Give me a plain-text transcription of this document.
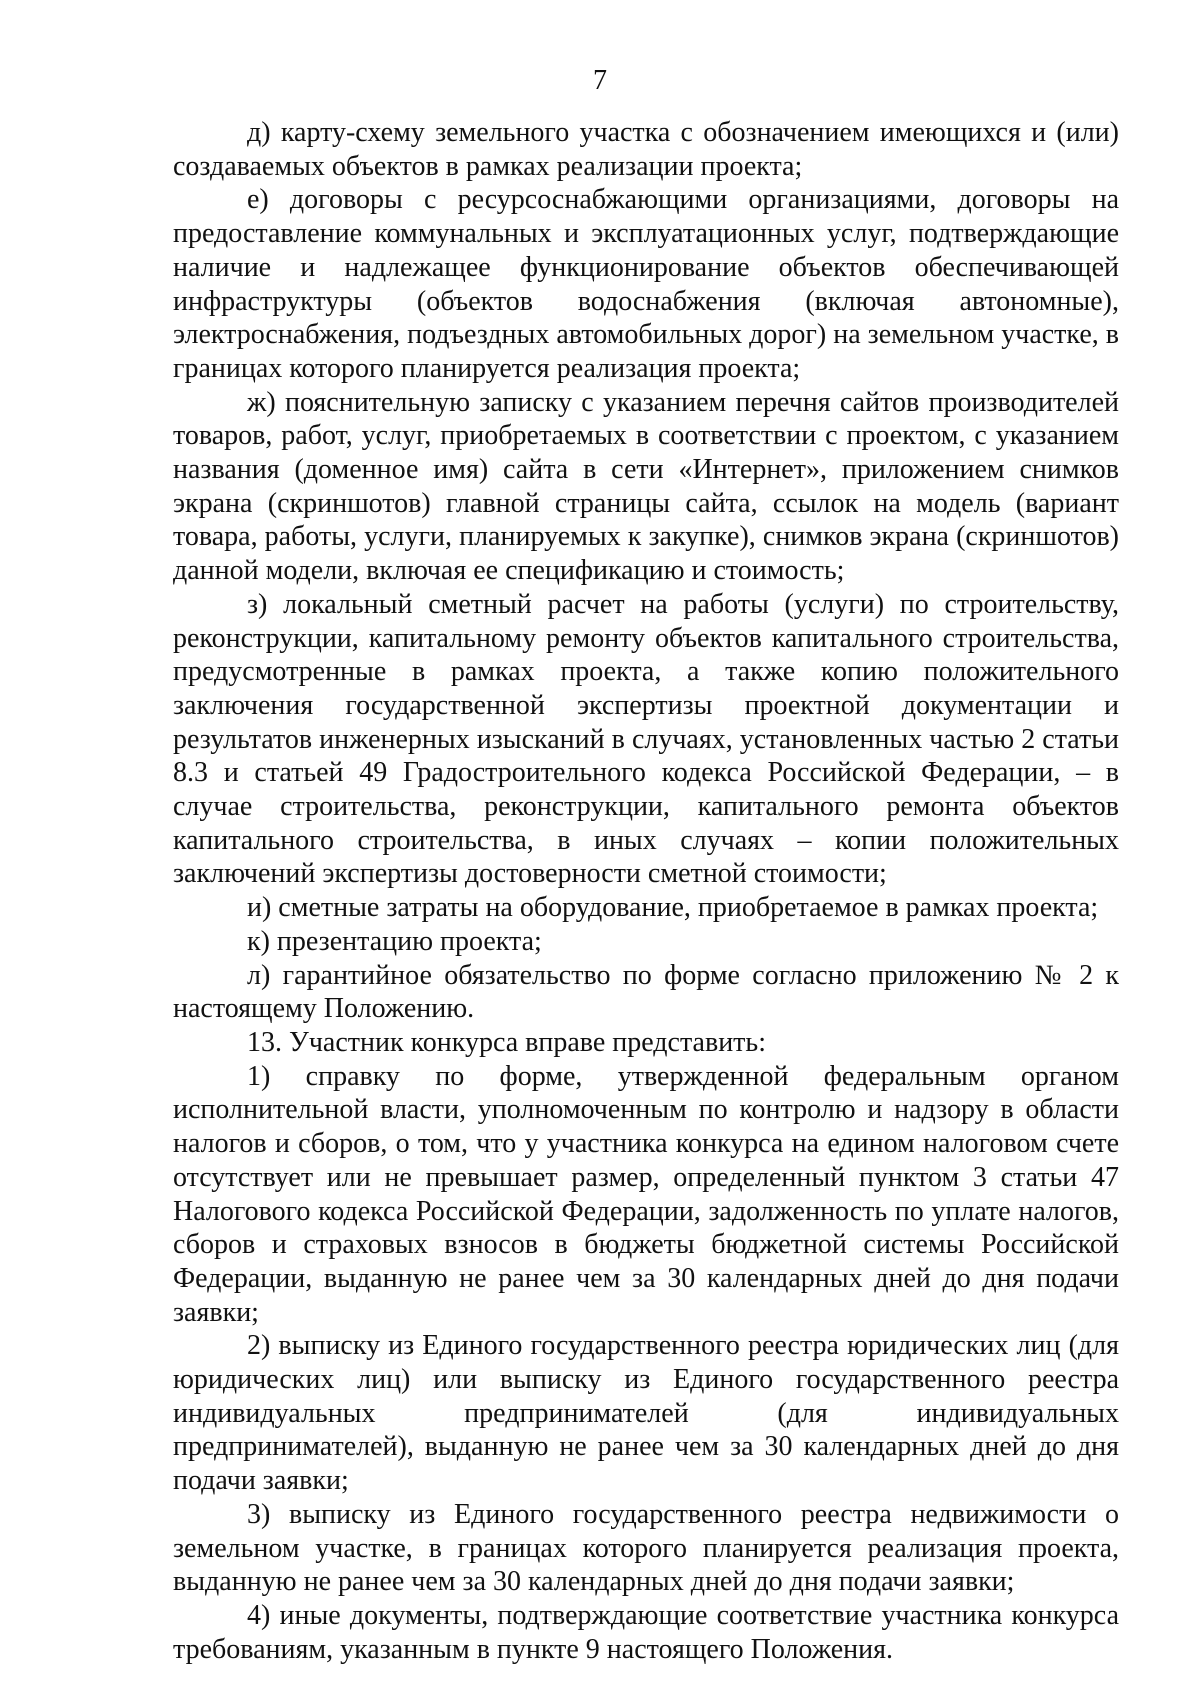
7

д) карту-схему земельного участка с обозначением имеющихся и (или) создаваемых объектов в рамках реализации проекта;

е) договоры с ресурсоснабжающими организациями, договоры на предоставление коммунальных и эксплуатационных услуг, подтверждающие наличие и надлежащее функционирование объектов обеспечивающей инфраструктуры (объектов водоснабжения (включая автономные), электроснабжения, подъездных автомобильных дорог) на земельном участке, в границах которого планируется реализация проекта;

ж) пояснительную записку с указанием перечня сайтов производителей товаров, работ, услуг, приобретаемых в соответствии с проектом, с указанием названия (доменное имя) сайта в сети «Интернет», приложением снимков экрана (скриншотов) главной страницы сайта, ссылок на модель (вариант товара, работы, услуги, планируемых к закупке), снимков экрана (скриншотов) данной модели, включая ее спецификацию и стоимость;

з) локальный сметный расчет на работы (услуги) по строительству, реконструкции, капитальному ремонту объектов капитального строительства, предусмотренные в рамках проекта, а также копию положительного заключения государственной экспертизы проектной документации и результатов инженерных изысканий в случаях, установленных частью 2 статьи 8.3 и статьей 49 Градостроительного кодекса Российской Федерации, – в случае строительства, реконструкции, капитального ремонта объектов капитального строительства, в иных случаях – копии положительных заключений экспертизы достоверности сметной стоимости;

и) сметные затраты на оборудование, приобретаемое в рамках проекта;

к) презентацию проекта;

л) гарантийное обязательство по форме согласно приложению № 2 к настоящему Положению.

13. Участник конкурса вправе представить:

1) справку по форме, утвержденной федеральным органом исполнительной власти, уполномоченным по контролю и надзору в области налогов и сборов, о том, что у участника конкурса на едином налоговом счете отсутствует или не превышает размер, определенный пунктом 3 статьи 47 Налогового кодекса Российской Федерации, задолженность по уплате налогов, сборов и страховых взносов в бюджеты бюджетной системы Российской Федерации, выданную не ранее чем за 30 календарных дней до дня подачи заявки;

2) выписку из Единого государственного реестра юридических лиц (для юридических лиц) или выписку из Единого государственного реестра индивидуальных предпринимателей (для индивидуальных предпринимателей), выданную не ранее чем за 30 календарных дней до дня подачи заявки;

3) выписку из Единого государственного реестра недвижимости о земельном участке, в границах которого планируется реализация проекта, выданную не ранее чем за 30 календарных дней до дня подачи заявки;

4) иные документы, подтверждающие соответствие участника конкурса требованиям, указанным в пункте 9 настоящего Положения.
